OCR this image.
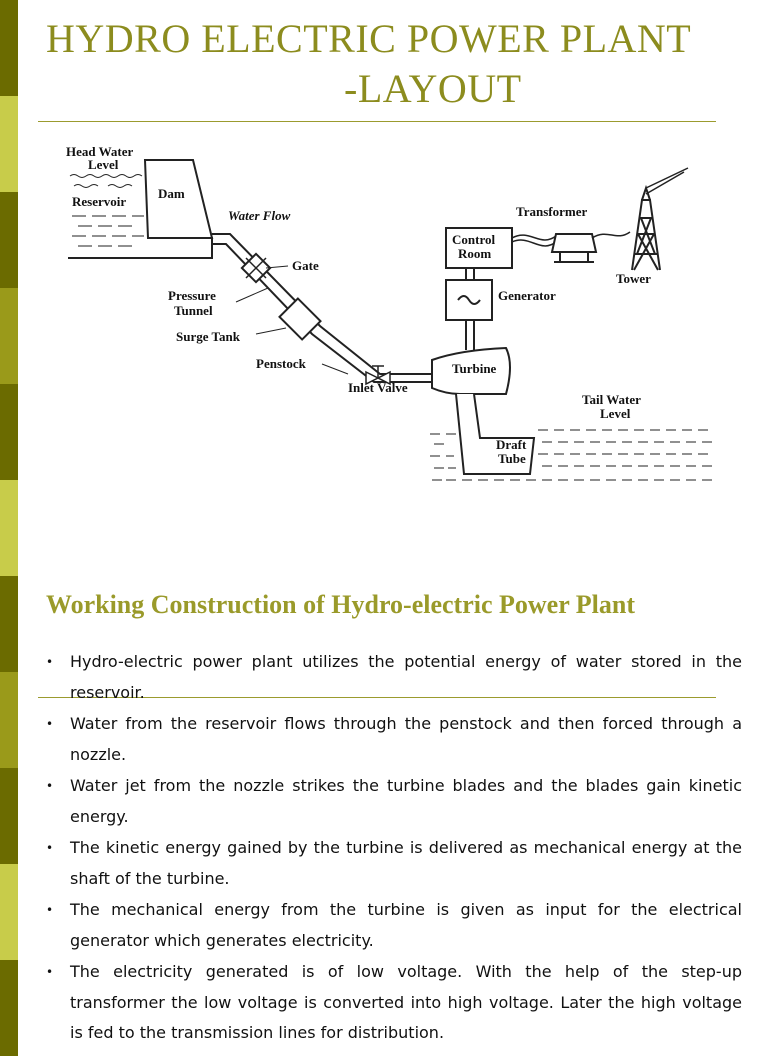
HYDRO ELECTRIC POWER PLANT
-LAYOUT
Head Water
Level
Reservoir
Dam
Water Flow
Gate
Pressure
Tunnel
Surge Tank
Penstock
Inlet Valve
Control
Room
Generator
Turbine
Transformer
Tower
Tail Water
Level
Draft
Tube
Working Construction of Hydro-electric Power Plant
• Hydro-electric power plant utilizes the potential energy of water stored in the reservoir.
• Water from the reservoir flows through the penstock and then forced through a nozzle.
• Water jet from the nozzle strikes the turbine blades and the blades gain kinetic energy.
• The kinetic energy gained by the turbine is delivered as mechanical energy at the shaft of the turbine.
• The mechanical energy from the turbine is given as input for the electrical generator which generates electricity.
• The electricity generated is of low voltage. With the help of the step-up transformer the low voltage is converted into high voltage. Later the high voltage is fed to the transmission lines for distribution.
